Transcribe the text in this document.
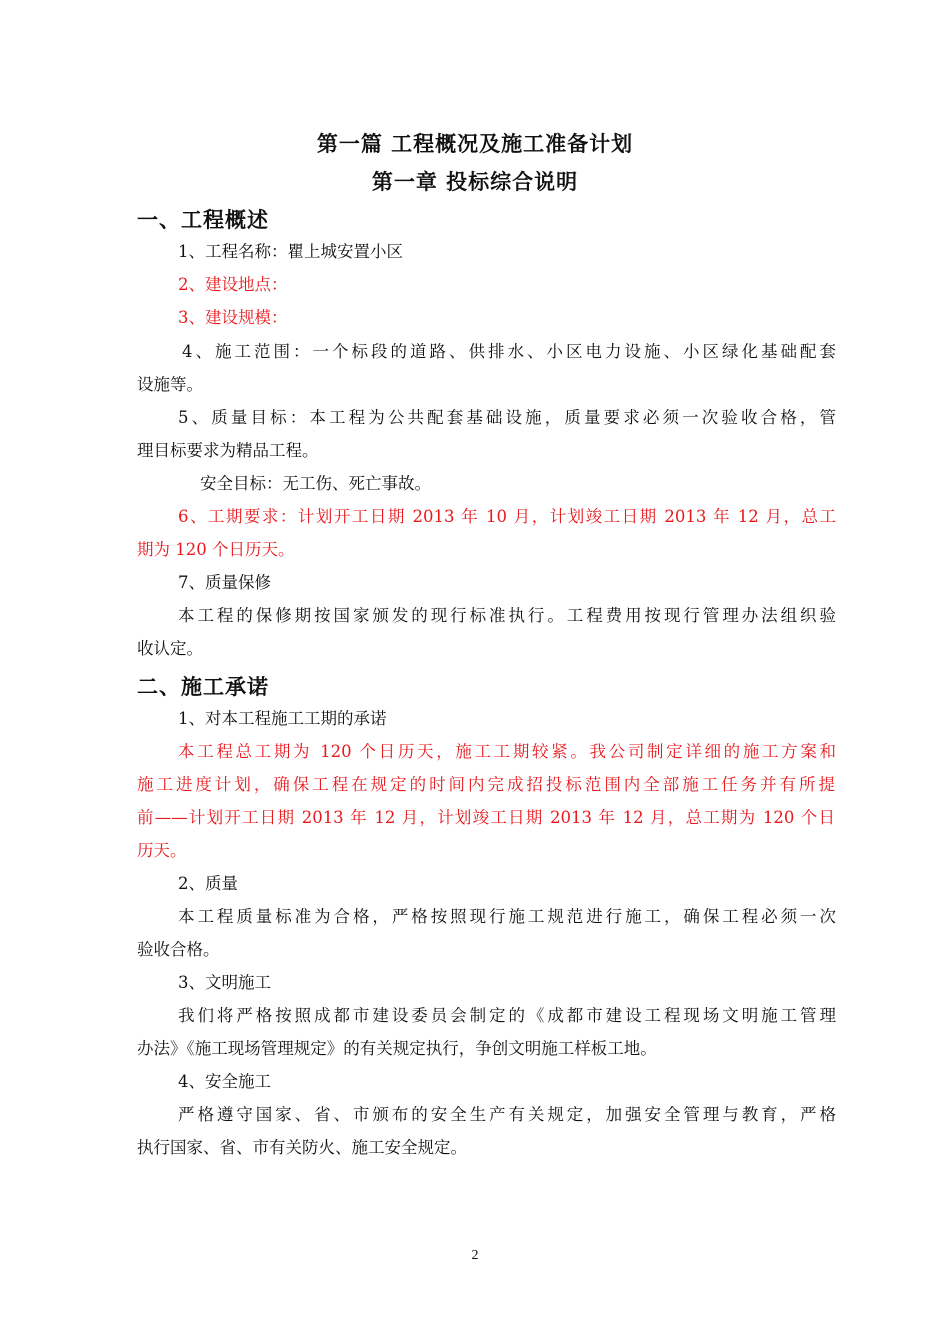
第一篇 工程概况及施工准备计划
第一章 投标综合说明
一、工程概述
1、工程名称：瞿上城安置小区
2、建设地点：
3、建设规模：
4、施工范围：一个标段的道路、供排水、小区电力设施、小区绿化基础配套
设施等。
5、质量目标：本工程为公共配套基础设施，质量要求必须一次验收合格，管
理目标要求为精品工程。
安全目标：无工伤、死亡事故。
6、工期要求：计划开工日期 2013 年 10 月，计划竣工日期 2013 年 12 月，总工
期为 120 个日历天。
7、质量保修
本工程的保修期按国家颁发的现行标准执行。工程费用按现行管理办法组织验
收认定。
二、施工承诺
1、对本工程施工工期的承诺
本工程总工期为 120 个日历天，施工工期较紧。我公司制定详细的施工方案和
施工进度计划，确保工程在规定的时间内完成招投标范围内全部施工任务并有所提
前——计划开工日期 2013 年 12 月，计划竣工日期 2013 年 12 月，总工期为 120 个日
历天。
2、质量
本工程质量标准为合格，严格按照现行施工规范进行施工，确保工程必须一次
验收合格。
3、文明施工
我们将严格按照成都市建设委员会制定的《成都市建设工程现场文明施工管理
办法》《施工现场管理规定》的有关规定执行，争创文明施工样板工地。
4、安全施工
严格遵守国家、省、市颁布的安全生产有关规定，加强安全管理与教育，严格
执行国家、省、市有关防火、施工安全规定。
2
